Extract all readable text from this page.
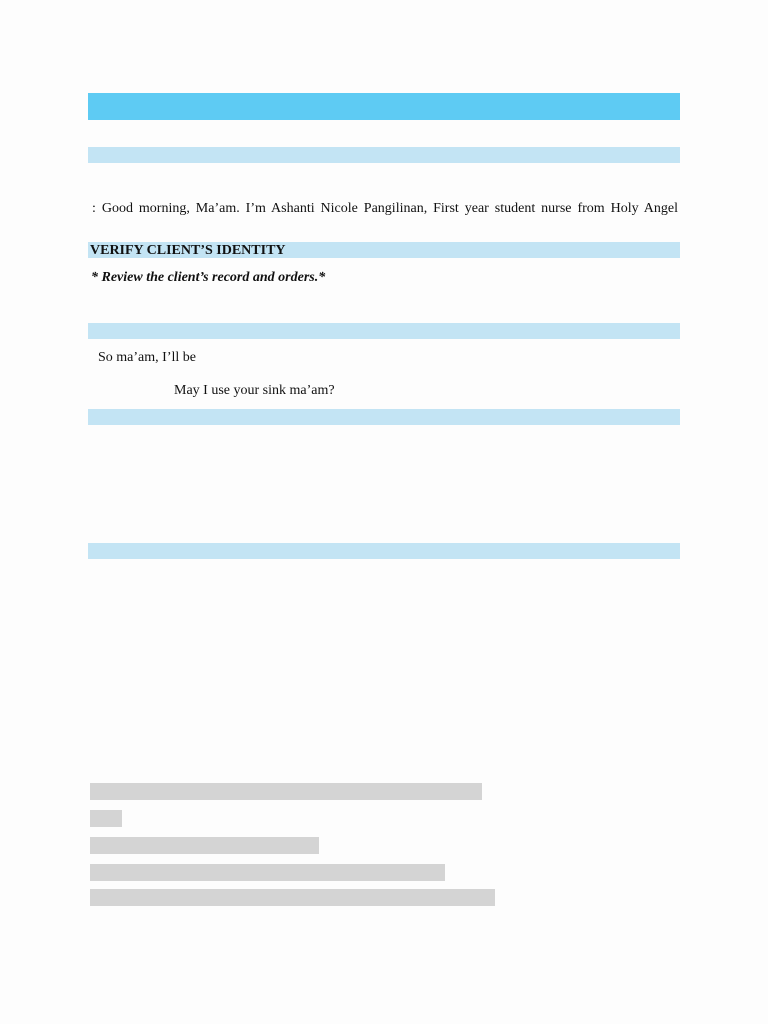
: Good morning, Ma’am. I’m Ashanti Nicole Pangilinan, First year student nurse from Holy Angel
VERIFY CLIENT’S IDENTITY
* Review the client’s record and orders.*
So ma’am, I’ll be
May I use your sink ma’am?
